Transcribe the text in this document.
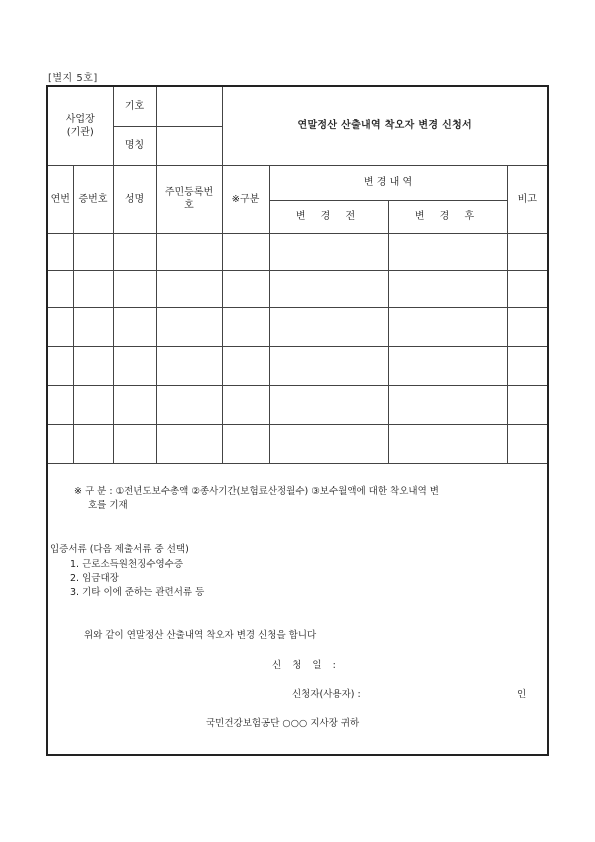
[별지 5호]
사업장
(기관)		기호		연말정산 산출내역 착오자 변경 신청서			
		명칭					
연번	증번호	성명	주민등록번호	※구분	변 경 내 역		비고
					변 경 전	변 경 후	

※ 구 분 : ①전년도보수총액 ②종사기간(보험료산정월수) ③보수월액에 대한 착오내역 변
호를 기재
입증서류 (다음 제출서류 중 선택)
1. 근로소득원천징수영수증
2. 임금대장
3. 기타 이에 준하는 관련서류 등
위와 같이 연말정산 산출내역 착오자 변경 신청을 합니다
신 청 일 :
신청자(사용자) :	인
국민건강보험공단 ○○○ 지사장 귀하
